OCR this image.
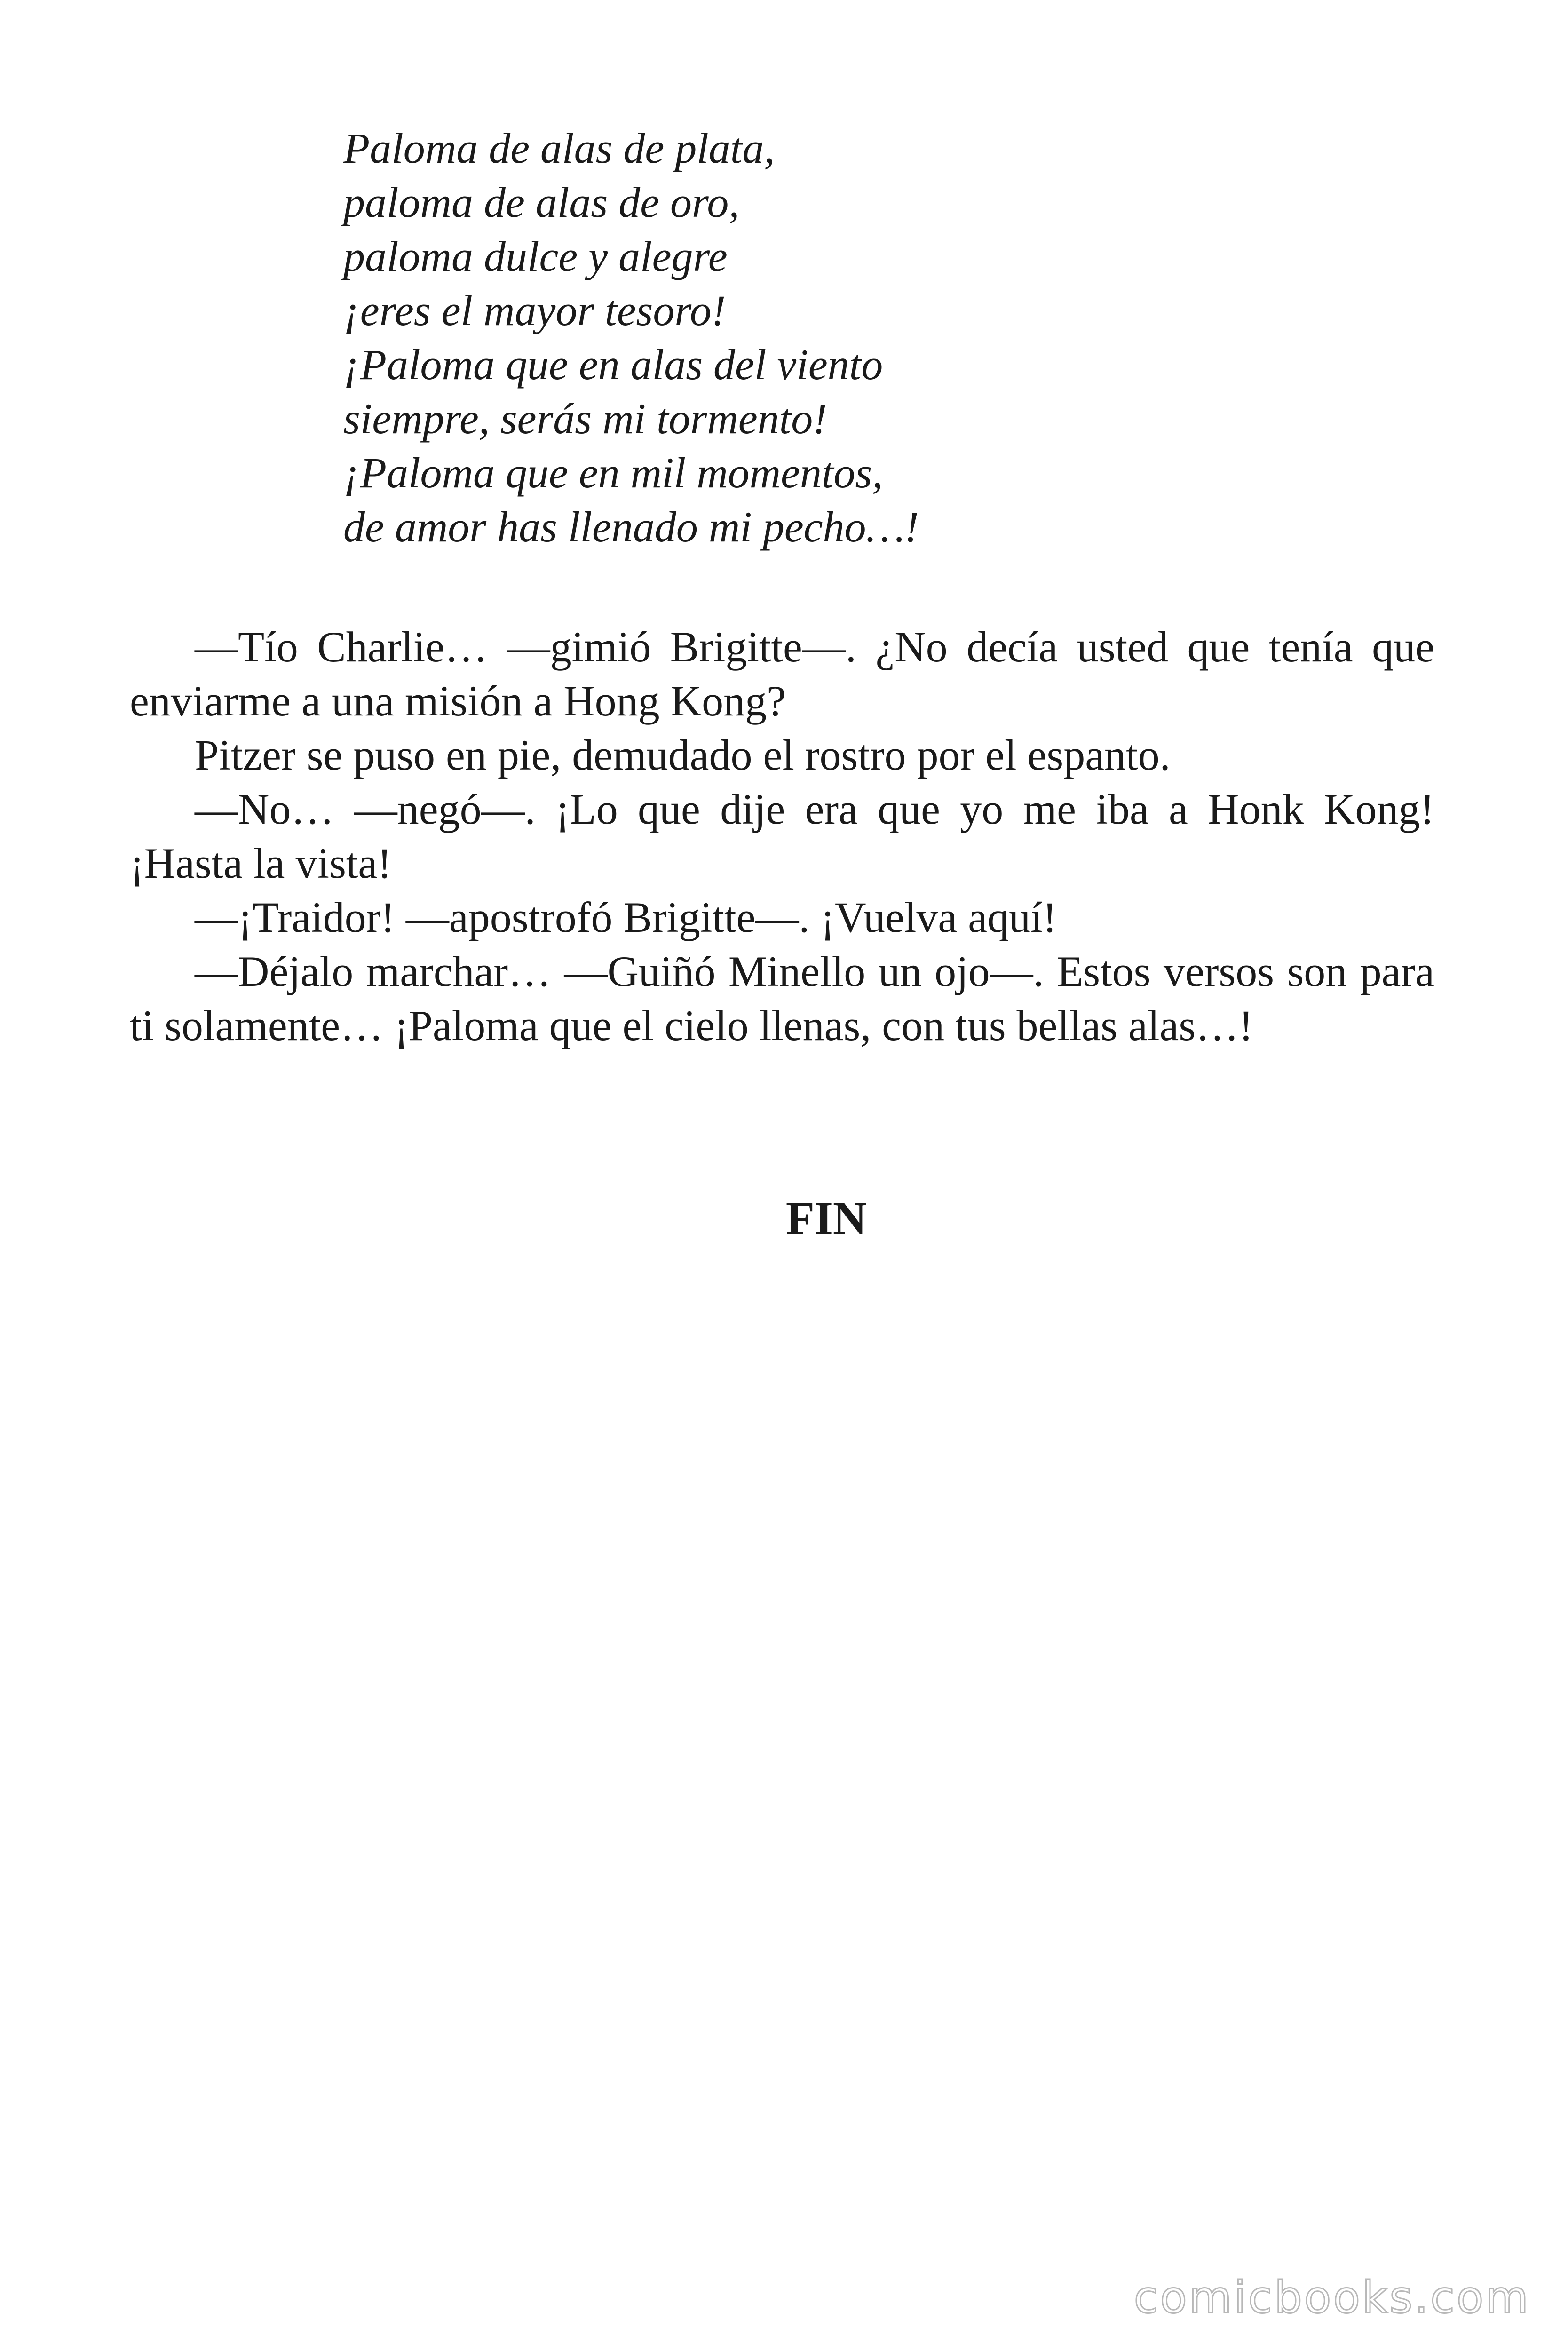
Paloma de alas de plata,
paloma de alas de oro,
paloma dulce y alegre
¡eres el mayor tesoro!
¡Paloma que en alas del viento
siempre, serás mi tormento!
¡Paloma que en mil momentos,
de amor has llenado mi pecho…!

—Tío Charlie… —gimió Brigitte—. ¿No decía usted que tenía que enviarme a una misión a Hong Kong?

Pitzer se puso en pie, demudado el rostro por el espanto.

—No… —negó—. ¡Lo que dije era que yo me iba a Honk Kong! ¡Hasta la vista!

—¡Traidor! —apostrofó Brigitte—. ¡Vuelva aquí!

—Déjalo marchar… —Guiñó Minello un ojo—. Estos versos son para ti solamente… ¡Paloma que el cielo llenas, con tus bellas alas…!

FIN
comicbooks.com
